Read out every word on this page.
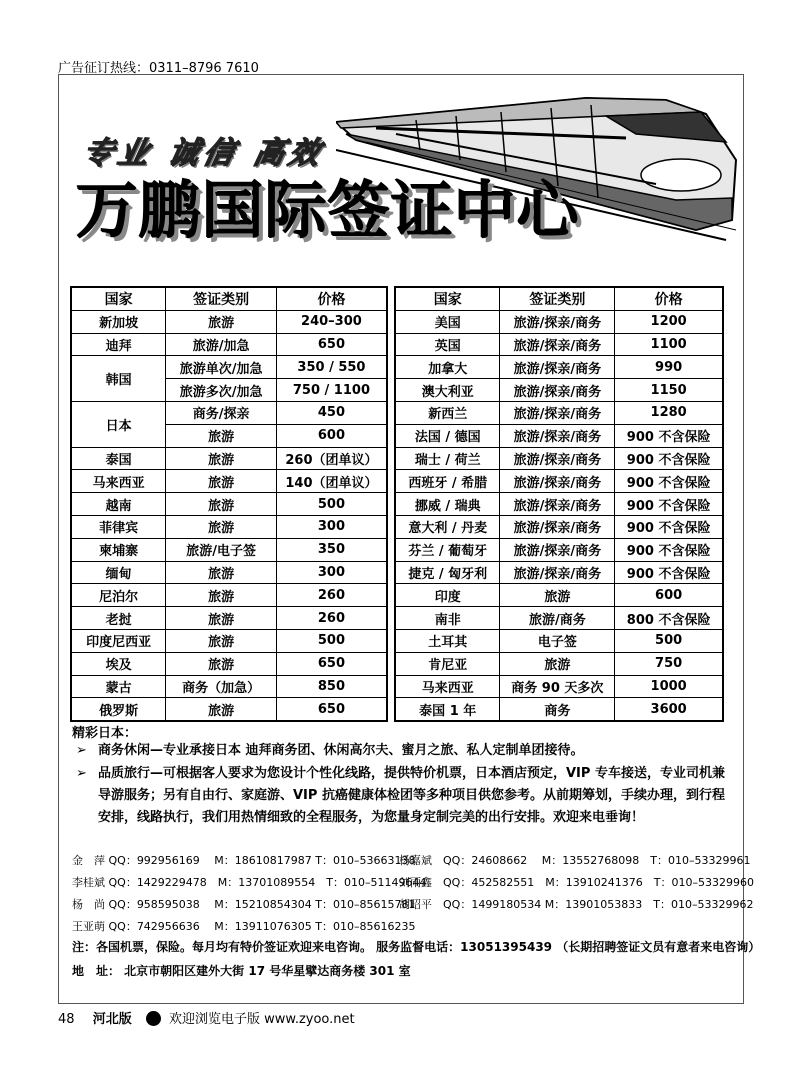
广告征订热线：0311–8796 7610
专业 诚信 高效
万鹏国际签证中心
国家	签证类别	价格
新加坡	旅游	240–300
迪拜	旅游/加急	650
韩国	旅游单次/加急	350 / 550
	旅游多次/加急	750 / 1100
日本	商务/探亲	450
	旅游	600
泰国	旅游	260（团单议）
马来西亚	旅游	140（团单议）
越南	旅游	500
菲律宾	旅游	300
柬埔寨	旅游/电子签	350
缅甸	旅游	300
尼泊尔	旅游	260
老挝	旅游	260
印度尼西亚	旅游	500
埃及	旅游	650
蒙古	商务（加急）	850
俄罗斯	旅游	650
国家	签证类别	价格
美国	旅游/探亲/商务	1200
英国	旅游/探亲/商务	1100
加拿大	旅游/探亲/商务	990
澳大利亚	旅游/探亲/商务	1150
新西兰	旅游/探亲/商务	1280
法国 / 德国	旅游/探亲/商务	900 不含保险
瑞士 / 荷兰	旅游/探亲/商务	900 不含保险
西班牙 / 希腊	旅游/探亲/商务	900 不含保险
挪威 / 瑞典	旅游/探亲/商务	900 不含保险
意大利 / 丹麦	旅游/探亲/商务	900 不含保险
芬兰 / 葡萄牙	旅游/探亲/商务	900 不含保险
捷克 / 匈牙利	旅游/探亲/商务	900 不含保险
印度	旅游	600
南非	旅游/商务	800 不含保险
土耳其	电子签	500
肯尼亚	旅游	750
马来西亚	商务 90 天多次	1000
泰国 1 年	商务	3600
精彩日本：
➢ 商务休闲—专业承接日本 迪拜商务团、休闲高尔夫、蜜月之旅、私人定制单团接待。
➢ 品质旅行—可根据客人要求为您设计个性化线路，提供特价机票，日本酒店预定，VIP 专车接送，专业司机兼导游服务；另有自由行、家庭游、VIP 抗癌健康体检团等多种项目供您参考。从前期筹划，手续办理，到行程安排，线路执行，我们用热情细致的全程服务，为您量身定制完美的出行安排。欢迎来电垂询！
金　萍 QQ：992956169　 M：18610817987 T：010–53663138
杨嘉斌　QQ：24608662　 M：13552768098　T：010–53329961
李桂斌 QQ：1429229478　M：13701089554　T：010–51149644
刘雨鑫　QQ：452582551　M：13910241376　T：010–53329960
杨　尚 QQ：958595038　 M：15210854304 T：010–85615781
胡昭平　QQ：1499180534 M：13901053833　T：010–53329962
王亚萌 QQ：742956636　 M：13911076305 T：010–85616235
注：各国机票，保险。每月均有特价签证欢迎来电咨询。 服务监督电话：13051395439 （长期招聘签证文员有意者来电咨询）
地　址： 北京市朝阳区建外大街 17 号华星擘达商务楼 301 室
48 河北版	欢迎浏览电子版 www.zyoo.net
